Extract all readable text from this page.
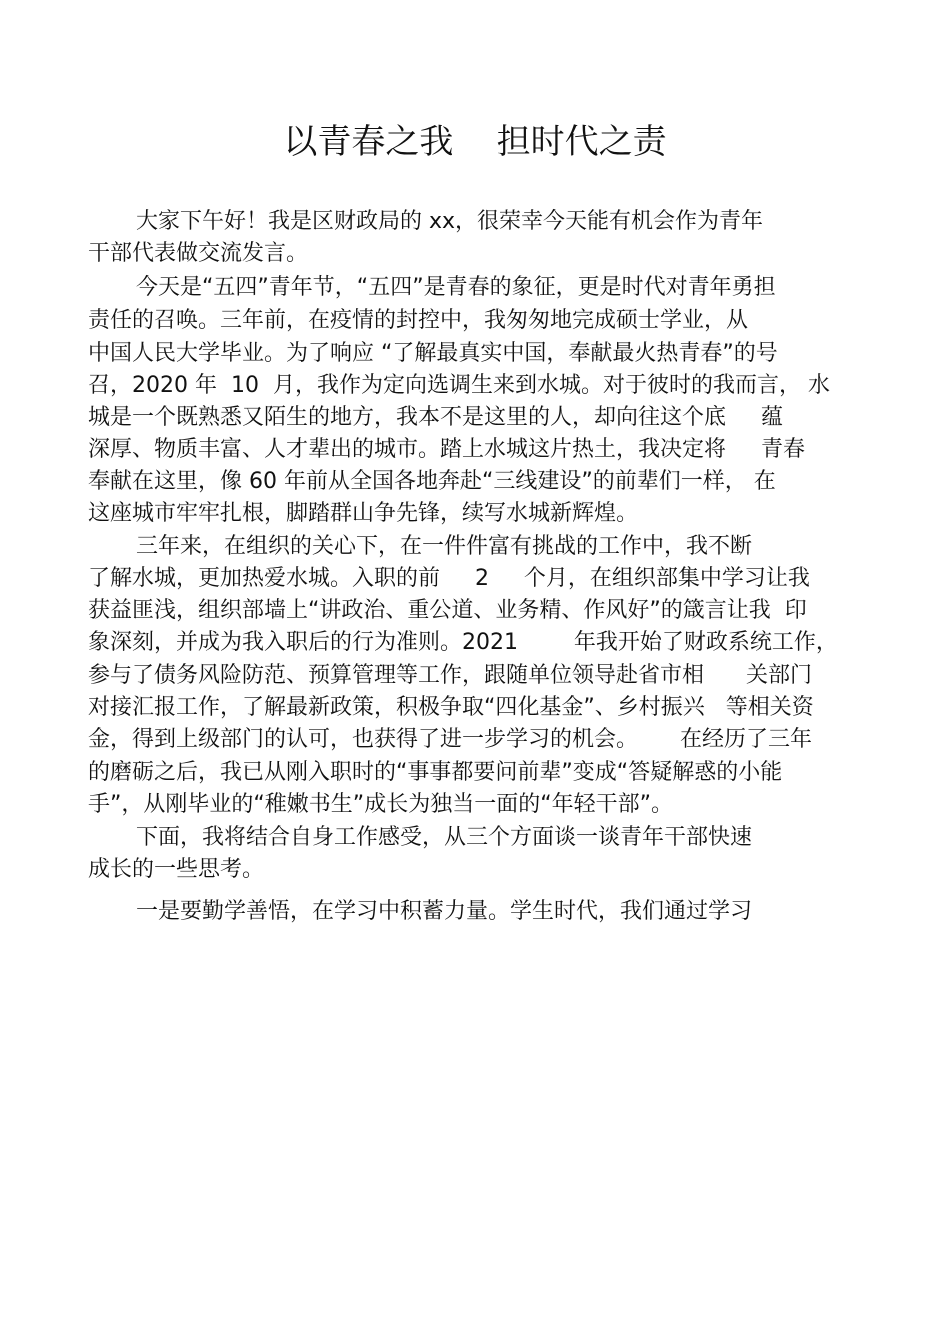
以青春之我    担时代之责

大家下午好！我是区财政局的 xx，很荣幸今天能有机会作为青年

干部代表做交流发言。

今天是“五四”青年节，“五四”是青春的象征，更是时代对青年勇担

责任的召唤。三年前，在疫情的封控中，我匆匆地完成硕士学业，从

中国人民大学毕业。为了响应 “了解最真实中国，奉献最火热青春”的号

召，2020 年  10  月，我作为定向选调生来到水城。对于彼时的我而言， 水

城是一个既熟悉又陌生的地方，我本不是这里的人，却向往这个底     蕴

深厚、物质丰富、人才辈出的城市。踏上水城这片热土，我决定将     青春

奉献在这里，像 60 年前从全国各地奔赴“三线建设”的前辈们一样， 在

这座城市牢牢扎根，脚踏群山争先锋，续写水城新辉煌。

三年来，在组织的关心下，在一件件富有挑战的工作中，我不断

了解水城，更加热爱水城。入职的前     2     个月，在组织部集中学习让我

获益匪浅，组织部墙上“讲政治、重公道、业务精、作风好”的箴言让我  印

象深刻，并成为我入职后的行为准则。2021        年我开始了财政系统工作，

参与了债务风险防范、预算管理等工作，跟随单位领导赴省市相      关部门

对接汇报工作，了解最新政策，积极争取“四化基金”、乡村振兴   等相关资

金，得到上级部门的认可，也获得了进一步学习的机会。      在经历了三年

的磨砺之后，我已从刚入职时的“事事都要问前辈”变成“答疑解惑的小能

手”，从刚毕业的“稚嫩书生”成长为独当一面的“年轻干部”。

下面，我将结合自身工作感受，从三个方面谈一谈青年干部快速

成长的一些思考。

一是要勤学善悟，在学习中积蓄力量。学生时代，我们通过学习
